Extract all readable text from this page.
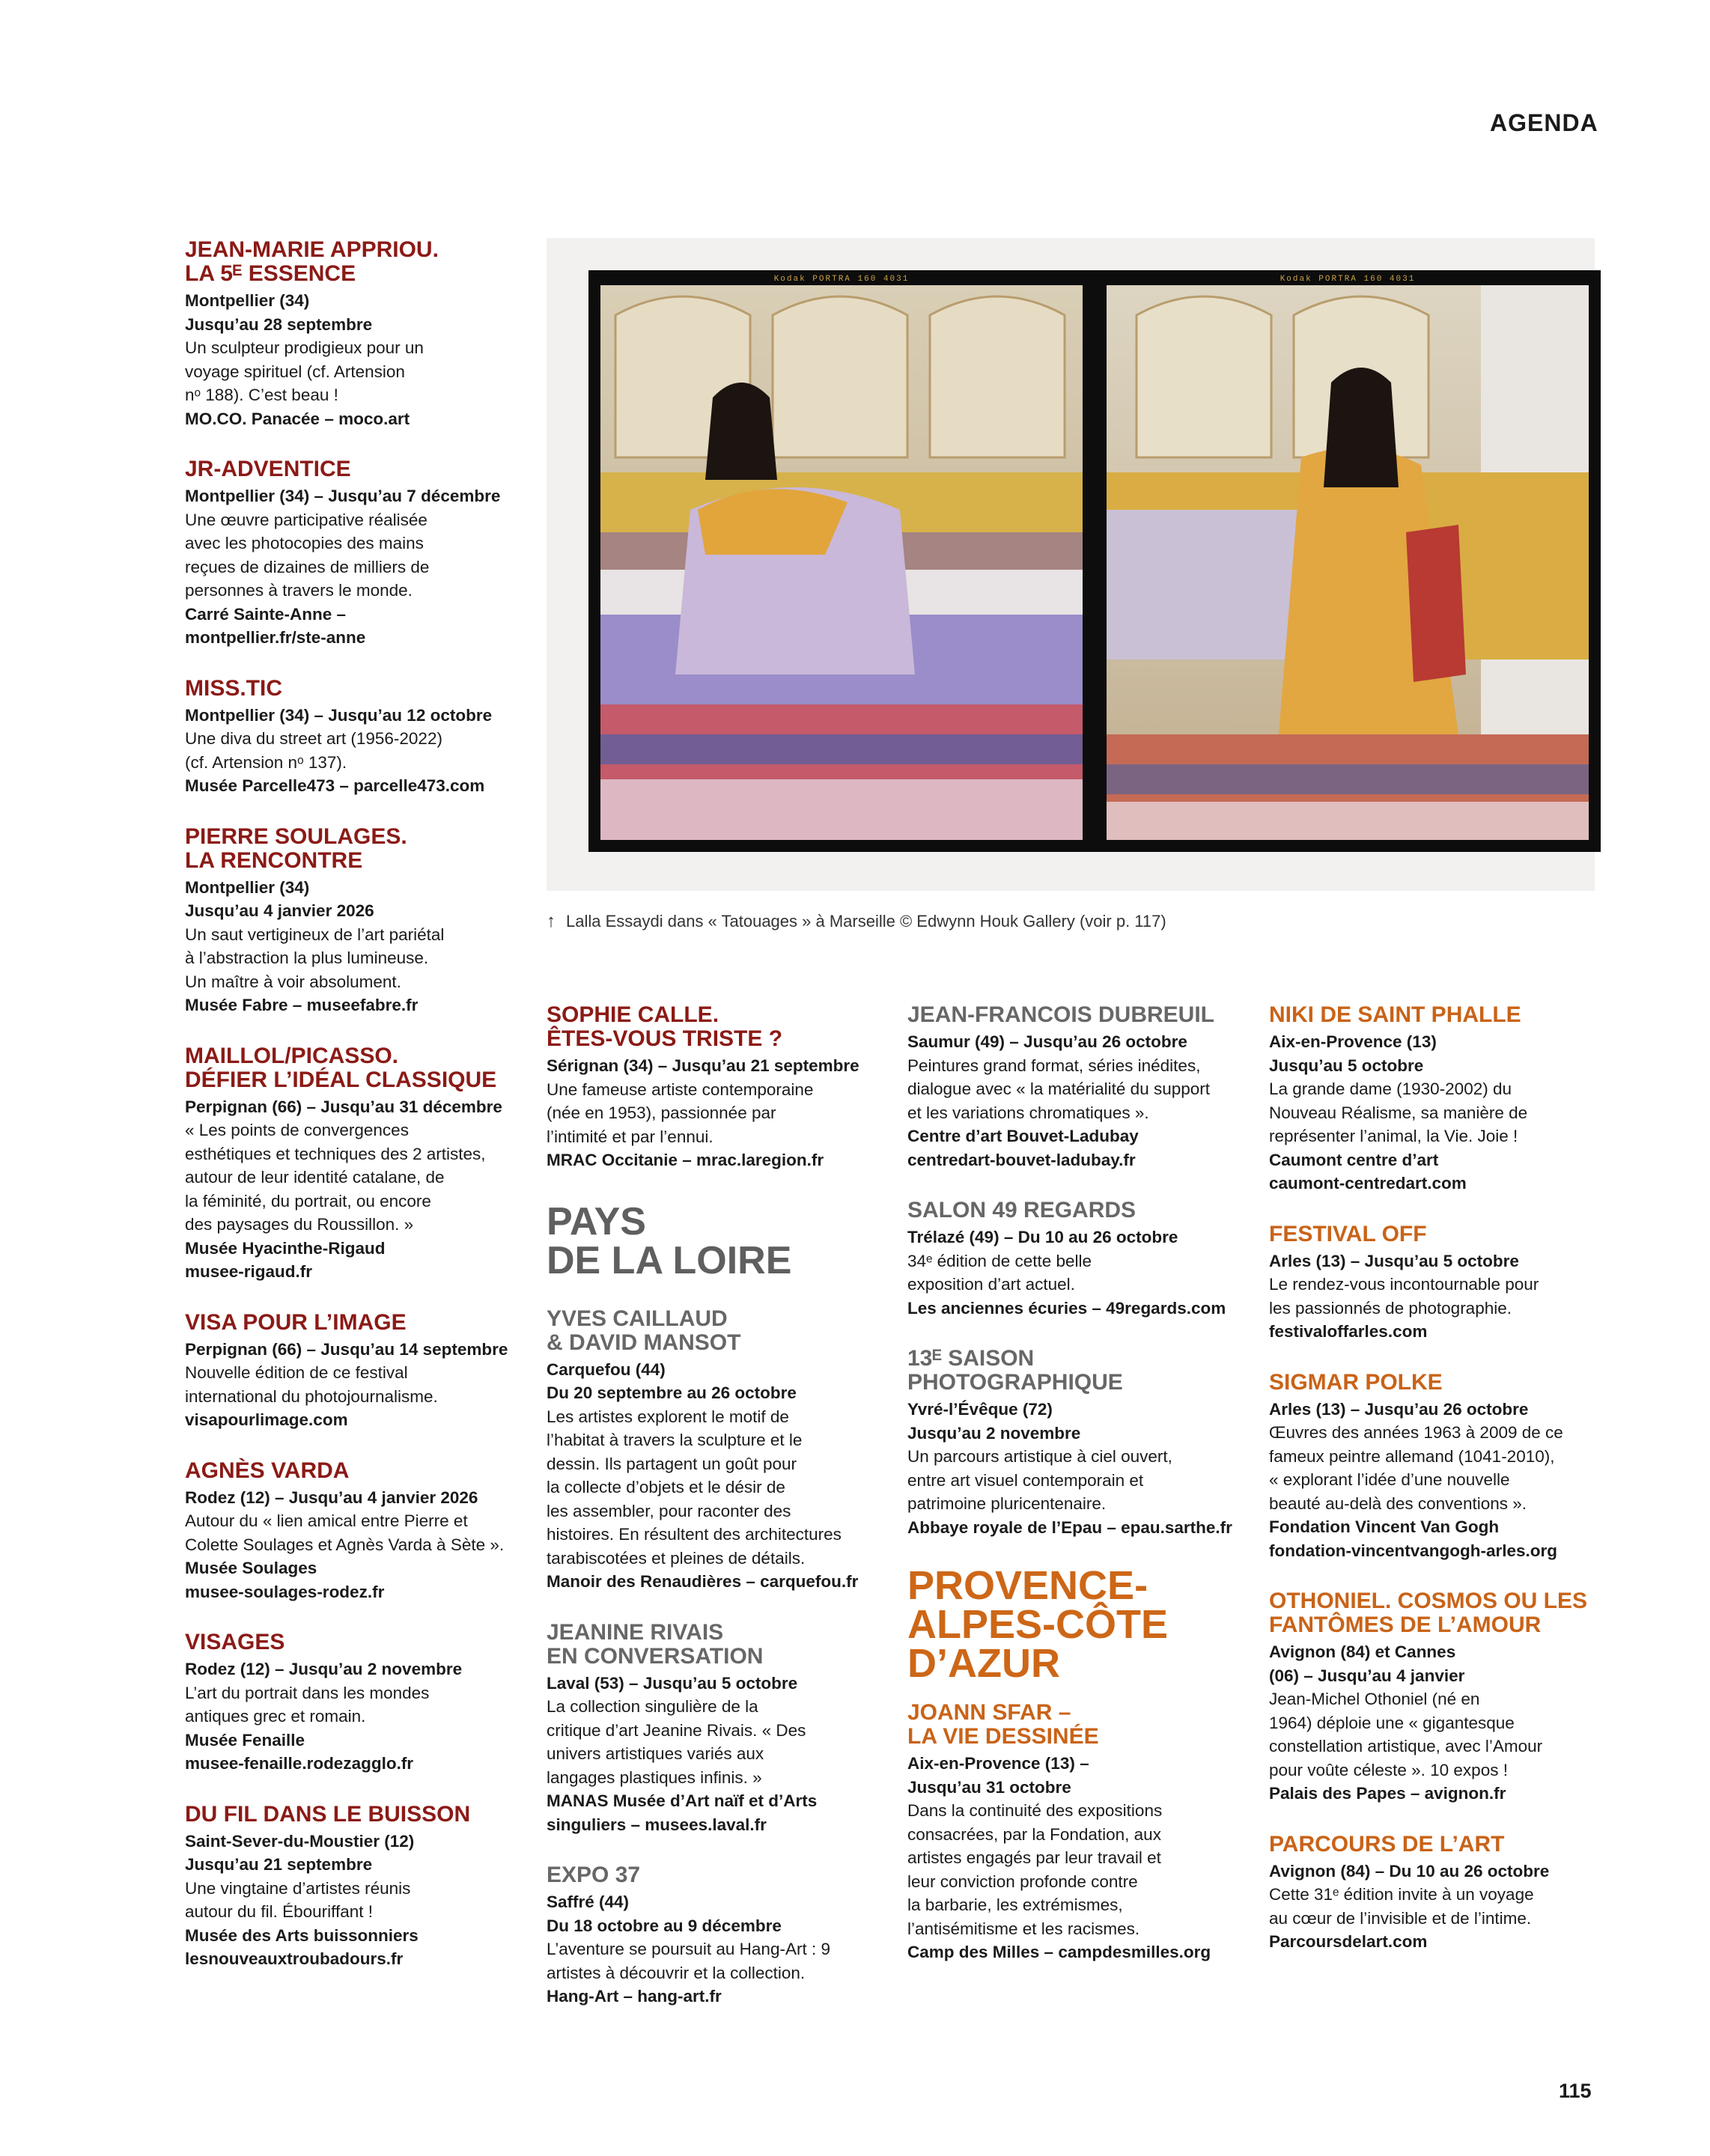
AGENDA
Kodak PORTRA 160 4031	Kodak PORTRA 160 4031
↑ Lalla Essaydi dans « Tatouages » à Marseille © Edwynn Houk Gallery (voir p. 117)
JEAN-MARIE APPRIOU.
LA 5ᴱ ESSENCE

Montpellier (34)
Jusqu’au 28 septembre

Un sculpteur prodigieux pour un
voyage spirituel (cf. Artension
nᵒ 188). C’est beau !

MO.CO. Panacée – moco.art

JR-ADVENTICE

Montpellier (34) – Jusqu’au 7 décembre

Une œuvre participative réalisée
avec les photocopies des mains
reçues de dizaines de milliers de
personnes à travers le monde.

Carré Sainte-Anne –
montpellier.fr/ste-anne

MISS.TIC

Montpellier (34) – Jusqu’au 12 octobre

Une diva du street art (1956-2022)
(cf. Artension nᵒ 137).

Musée Parcelle473 – parcelle473.com

PIERRE SOULAGES.
LA RENCONTRE

Montpellier (34)
Jusqu’au 4 janvier 2026

Un saut vertigineux de l’art pariétal
à l’abstraction la plus lumineuse.
Un maître à voir absolument.

Musée Fabre – museefabre.fr

MAILLOL/PICASSO.
DÉFIER L’IDÉAL CLASSIQUE

Perpignan (66) – Jusqu’au 31 décembre

« Les points de convergences
esthétiques et techniques des 2 artistes,
autour de leur identité catalane, de
la féminité, du portrait, ou encore
des paysages du Roussillon. »

Musée Hyacinthe-Rigaud
musee-rigaud.fr

VISA POUR L’IMAGE

Perpignan (66) – Jusqu’au 14 septembre

Nouvelle édition de ce festival
international du photojournalisme.

visapourlimage.com

AGNÈS VARDA

Rodez (12) – Jusqu’au 4 janvier 2026

Autour du « lien amical entre Pierre et
Colette Soulages et Agnès Varda à Sète ».

Musée Soulages
musee-soulages-rodez.fr

VISAGES

Rodez (12) – Jusqu’au 2 novembre

L’art du portrait dans les mondes
antiques grec et romain.

Musée Fenaille
musee-fenaille.rodezagglo.fr

DU FIL DANS LE BUISSON

Saint-Sever-du-Moustier (12)
Jusqu’au 21 septembre

Une vingtaine d’artistes réunis
autour du fil. Ébouriffant !

Musée des Arts buissonniers
lesnouveauxtroubadours.fr

SOPHIE CALLE.
ÊTES-VOUS TRISTE ?

Sérignan (34) – Jusqu’au 21 septembre

Une fameuse artiste contemporaine
(née en 1953), passionnée par
l’intimité et par l’ennui.

MRAC Occitanie – mrac.laregion.fr

PAYS
DE LA LOIRE
YVES CAILLAUD
& DAVID MANSOT

Carquefou (44)
Du 20 septembre au 26 octobre

Les artistes explorent le motif de
l’habitat à travers la sculpture et le
dessin. Ils partagent un goût pour
la collecte d’objets et le désir de
les assembler, pour raconter des
histoires. En résultent des architectures
tarabiscotées et pleines de détails.

Manoir des Renaudières – carquefou.fr

JEANINE RIVAIS
EN CONVERSATION

Laval (53) – Jusqu’au 5 octobre

La collection singulière de la
critique d’art Jeanine Rivais. « Des
univers artistiques variés aux
langages plastiques infinis. »

MANAS Musée d’Art naïf et d’Arts
singuliers – musees.laval.fr

EXPO 37

Saffré (44)
Du 18 octobre au 9 décembre

L’aventure se poursuit au Hang-Art : 9
artistes à découvrir et la collection.

Hang-Art – hang-art.fr

JEAN-FRANCOIS DUBREUIL

Saumur (49) – Jusqu’au 26 octobre

Peintures grand format, séries inédites,
dialogue avec « la matérialité du support
et les variations chromatiques ».

Centre d’art Bouvet-Ladubay
centredart-bouvet-ladubay.fr

SALON 49 REGARDS

Trélazé (49) – Du 10 au 26 octobre

34ᵉ édition de cette belle
exposition d’art actuel.

Les anciennes écuries – 49regards.com

13ᴱ SAISON PHOTOGRAPHIQUE

Yvré-l’Évêque (72)
Jusqu’au 2 novembre

Un parcours artistique à ciel ouvert,
entre art visuel contemporain et
patrimoine pluricentenaire.

Abbaye royale de l’Epau – epau.sarthe.fr

PROVENCE-
ALPES-CÔTE
D’AZUR
JOANN SFAR –
LA VIE DESSINÉE

Aix-en-Provence (13) –
Jusqu’au 31 octobre

Dans la continuité des expositions
consacrées, par la Fondation, aux
artistes engagés par leur travail et
leur conviction profonde contre
la barbarie, les extrémismes,
l’antisémitisme et les racismes.

Camp des Milles – campdesmilles.org

NIKI DE SAINT PHALLE

Aix-en-Provence (13)
Jusqu’au 5 octobre

La grande dame (1930-2002) du
Nouveau Réalisme, sa manière de
représenter l’animal, la Vie. Joie !

Caumont centre d’art
caumont-centredart.com

FESTIVAL OFF

Arles (13) – Jusqu’au 5 octobre

Le rendez-vous incontournable pour
les passionnés de photographie.

festivaloffarles.com

SIGMAR POLKE

Arles (13) – Jusqu’au 26 octobre

Œuvres des années 1963 à 2009 de ce
fameux peintre allemand (1041-2010),
« explorant l’idée d’une nouvelle
beauté au-delà des conventions ».

Fondation Vincent Van Gogh
fondation-vincentvangogh-arles.org

OTHONIEL. COSMOS OU LES
FANTÔMES DE L’AMOUR

Avignon (84) et Cannes
(06) – Jusqu’au 4 janvier

Jean-Michel Othoniel (né en
1964) déploie une « gigantesque
constellation artistique, avec l’Amour
pour voûte céleste ». 10 expos !

Palais des Papes – avignon.fr

PARCOURS DE L’ART

Avignon (84) – Du 10 au 26 octobre

Cette 31ᵉ édition invite à un voyage
au cœur de l’invisible et de l’intime.

Parcoursdelart.com

115
